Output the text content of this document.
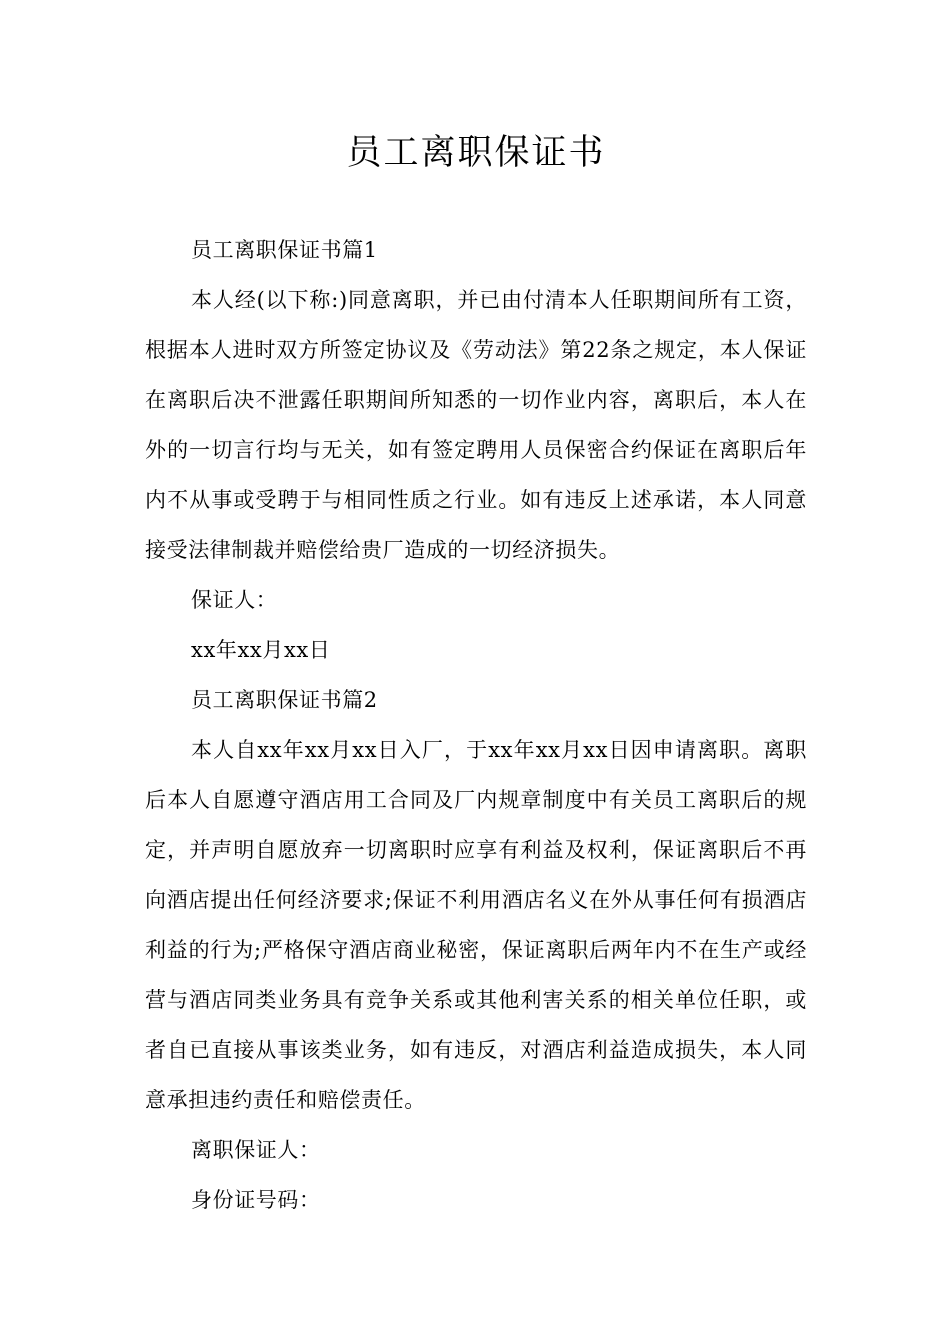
员工离职保证书

员工离职保证书篇1

本人经(以下称:)同意离职，并已由付清本人任职期间所有工资，根据本人进时双方所签定协议及《劳动法》第22条之规定，本人保证在离职后决不泄露任职期间所知悉的一切作业内容，离职后，本人在外的一切言行均与无关，如有签定聘用人员保密合约保证在离职后年内不从事或受聘于与相同性质之行业。如有违反上述承诺，本人同意接受法律制裁并赔偿给贵厂造成的一切经济损失。

保证人：

xx年xx月xx日

员工离职保证书篇2

本人自xx年xx月xx日入厂，于xx年xx月xx日因申请离职。离职后本人自愿遵守酒店用工合同及厂内规章制度中有关员工离职后的规定，并声明自愿放弃一切离职时应享有利益及权利，保证离职后不再向酒店提出任何经济要求;保证不利用酒店名义在外从事任何有损酒店利益的行为;严格保守酒店商业秘密，保证离职后两年内不在生产或经营与酒店同类业务具有竞争关系或其他利害关系的相关单位任职，或者自已直接从事该类业务，如有违反，对酒店利益造成损失，本人同意承担违约责任和赔偿责任。

离职保证人：

身份证号码：
